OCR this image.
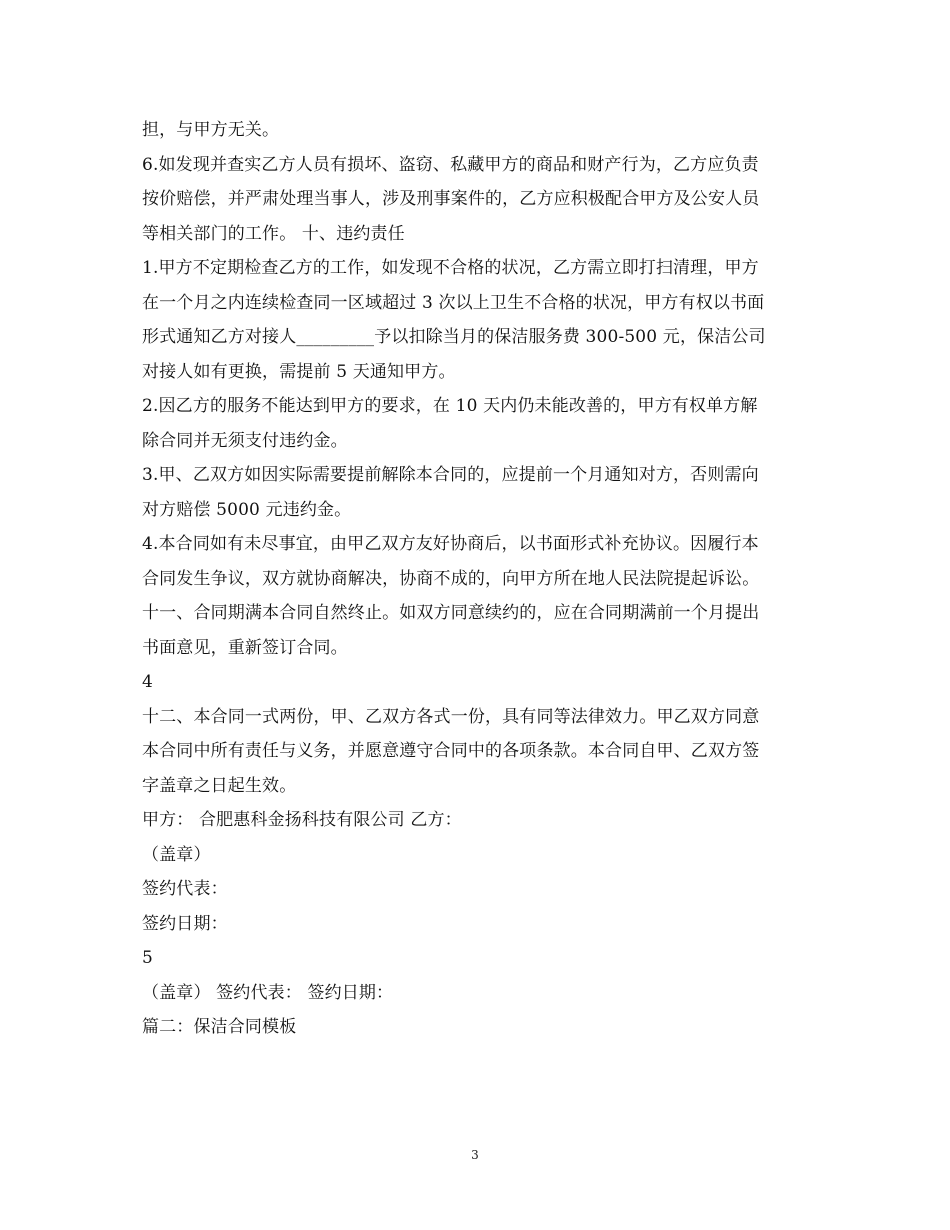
担，与甲方无关。
6.如发现并查实乙方人员有损坏、盗窃、私藏甲方的商品和财产行为，乙方应负责
按价赔偿，并严肃处理当事人，涉及刑事案件的，乙方应积极配合甲方及公安人员
等相关部门的工作。 十、违约责任
1.甲方不定期检查乙方的工作，如发现不合格的状况，乙方需立即打扫清理，甲方
在一个月之内连续检查同一区域超过 3 次以上卫生不合格的状况，甲方有权以书面
形式通知乙方对接人_________予以扣除当月的保洁服务费 300-500 元，保洁公司
对接人如有更换，需提前 5 天通知甲方。
2.因乙方的服务不能达到甲方的要求，在 10 天内仍未能改善的，甲方有权单方解
除合同并无须支付违约金。
3.甲、乙双方如因实际需要提前解除本合同的，应提前一个月通知对方，否则需向
对方赔偿 5000 元违约金。
4.本合同如有未尽事宜，由甲乙双方友好协商后，以书面形式补充协议。因履行本
合同发生争议，双方就协商解决，协商不成的，向甲方所在地人民法院提起诉讼。
十一、合同期满本合同自然终止。如双方同意续约的，应在合同期满前一个月提出
书面意见，重新签订合同。
4
十二、本合同一式两份，甲、乙双方各式一份，具有同等法律效力。甲乙双方同意
本合同中所有责任与义务，并愿意遵守合同中的各项条款。本合同自甲、乙双方签
字盖章之日起生效。
甲方： 合肥惠科金扬科技有限公司 乙方：
（盖章）
签约代表：
签约日期：
5
（盖章） 签约代表： 签约日期：
篇二：保洁合同模板
3
